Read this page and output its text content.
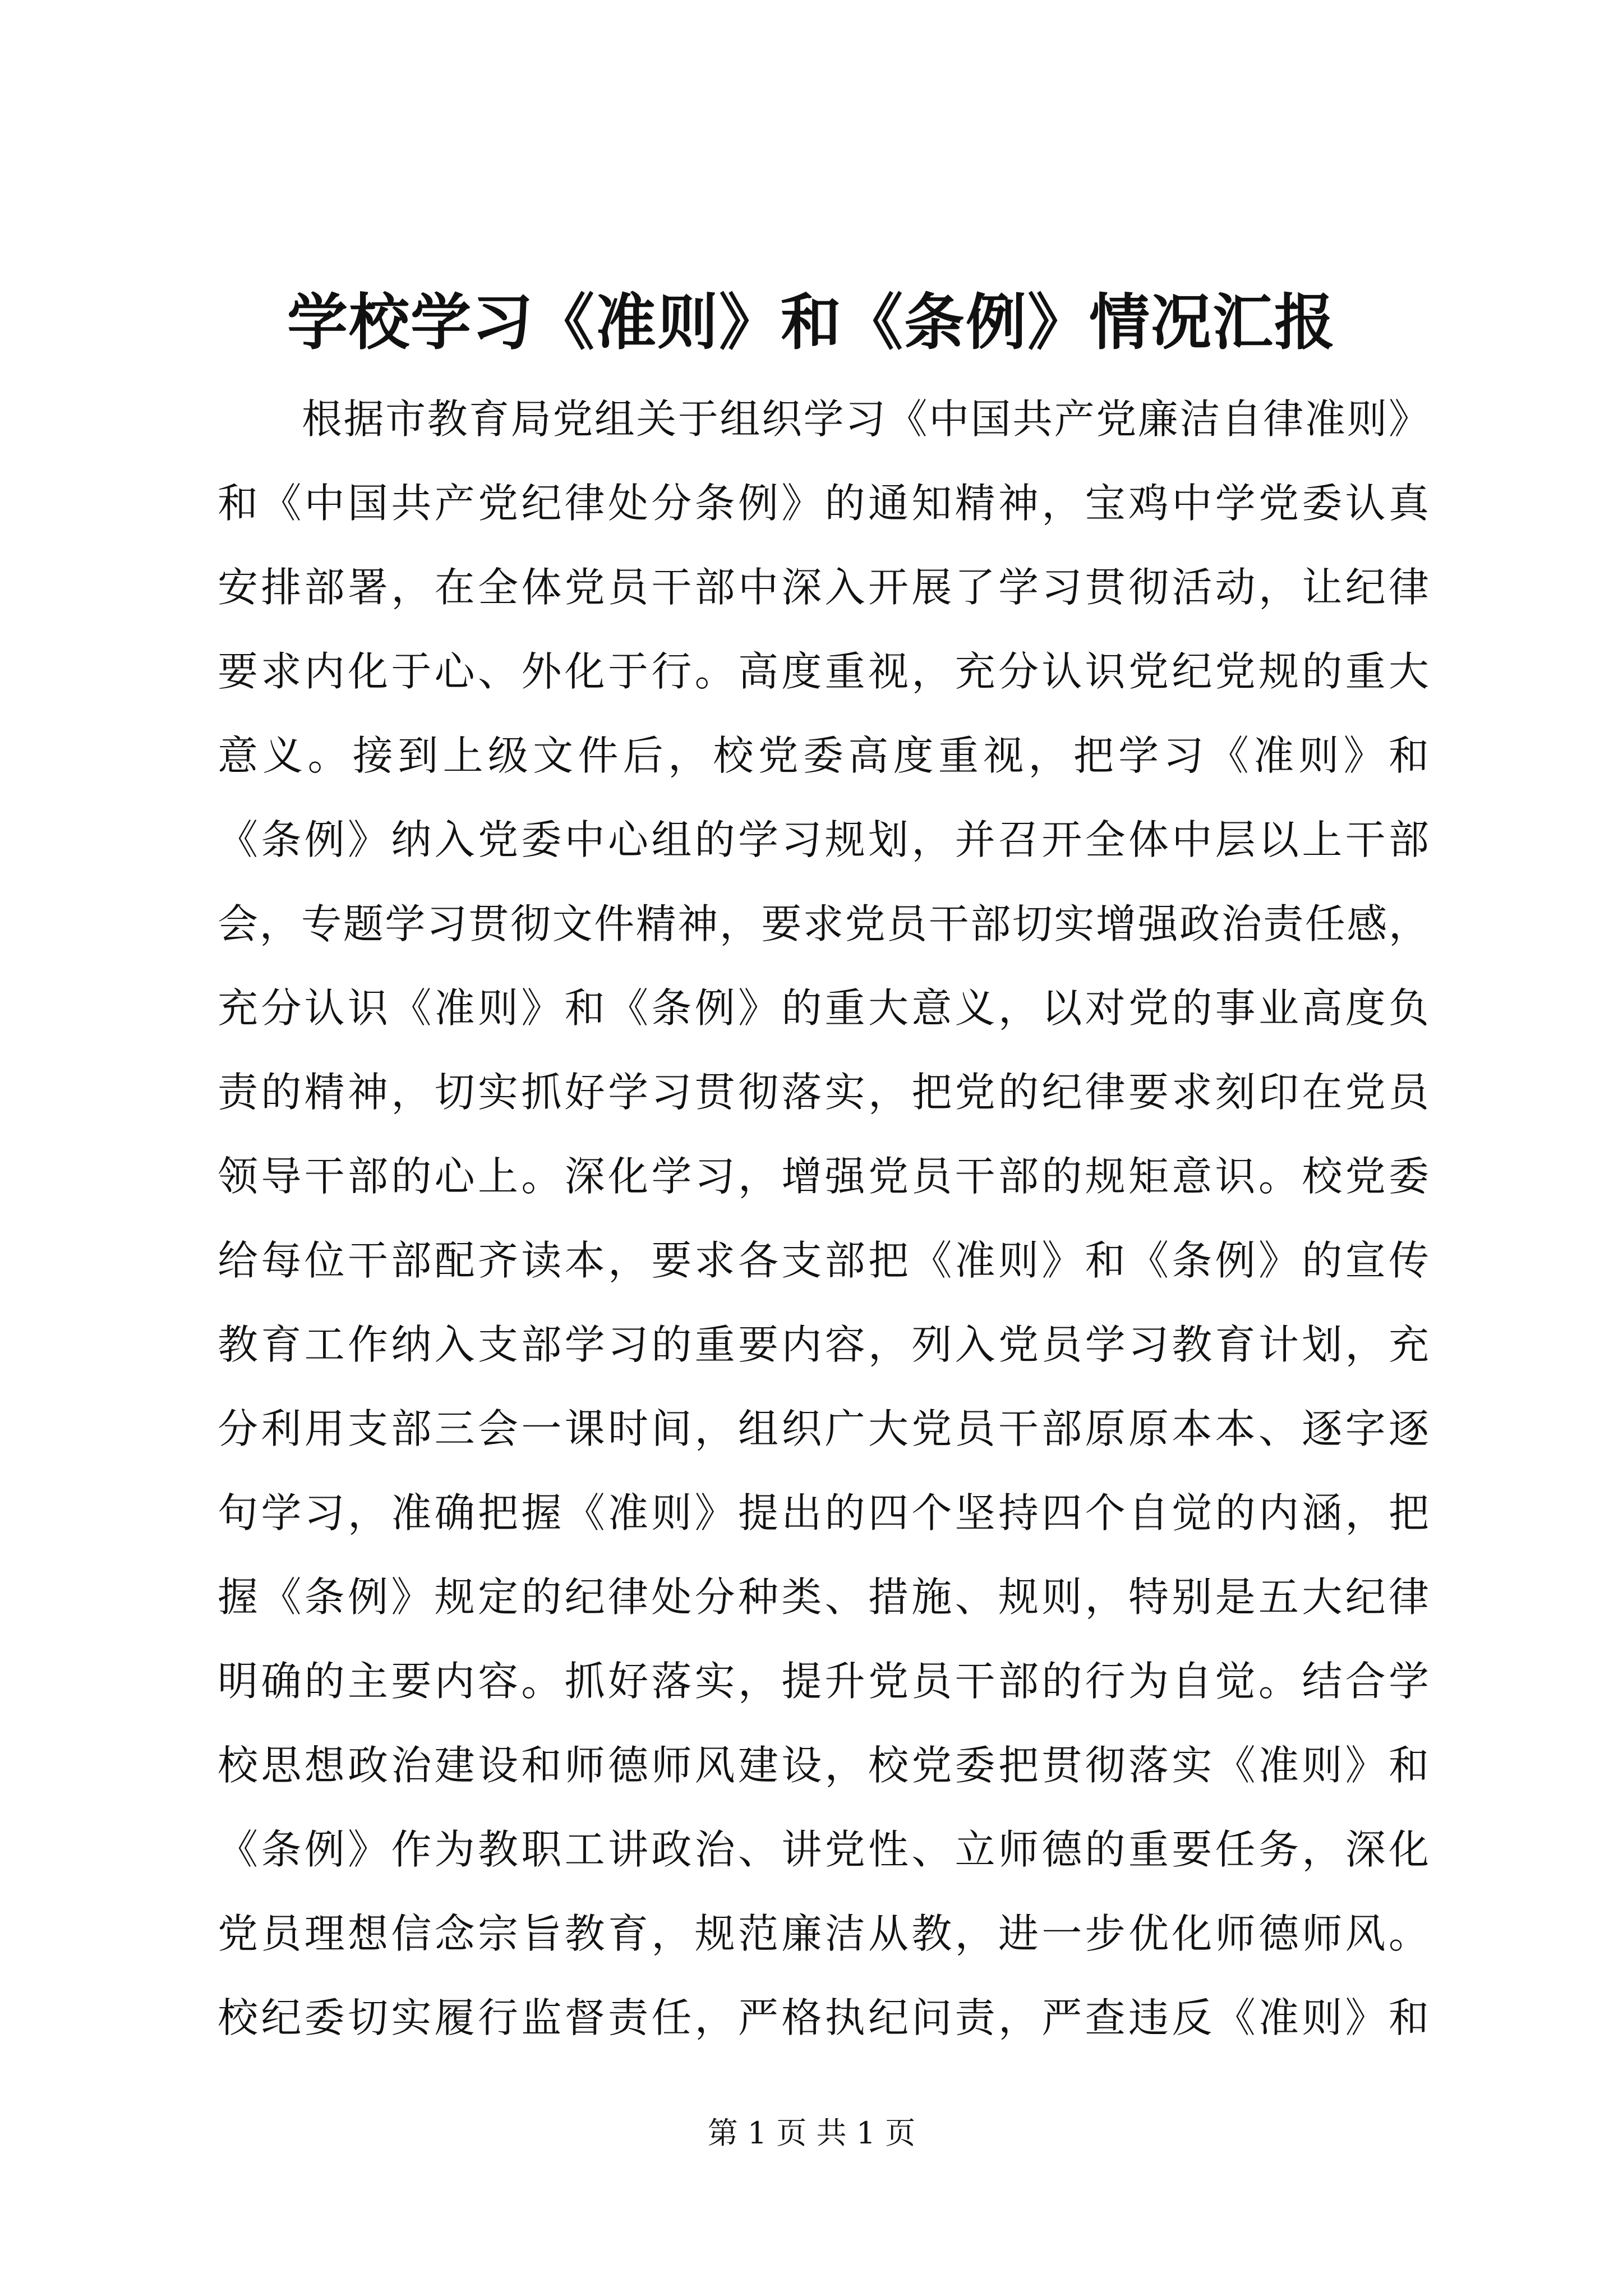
学校学习《准则》和《条例》情况汇报
根据市教育局党组关于组织学习《中国共产党廉洁自律准则》
和《中国共产党纪律处分条例》的通知精神，宝鸡中学党委认真
安排部署，在全体党员干部中深入开展了学习贯彻活动，让纪律
要求内化于心、外化于行。高度重视，充分认识党纪党规的重大
意义。接到上级文件后，校党委高度重视，把学习《准则》和
《条例》纳入党委中心组的学习规划，并召开全体中层以上干部
会，专题学习贯彻文件精神，要求党员干部切实增强政治责任感，
充分认识《准则》和《条例》的重大意义，以对党的事业高度负
责的精神，切实抓好学习贯彻落实，把党的纪律要求刻印在党员
领导干部的心上。深化学习，增强党员干部的规矩意识。校党委
给每位干部配齐读本，要求各支部把《准则》和《条例》的宣传
教育工作纳入支部学习的重要内容，列入党员学习教育计划，充
分利用支部三会一课时间，组织广大党员干部原原本本、逐字逐
句学习，准确把握《准则》提出的四个坚持四个自觉的内涵，把
握《条例》规定的纪律处分种类、措施、规则，特别是五大纪律
明确的主要内容。抓好落实，提升党员干部的行为自觉。结合学
校思想政治建设和师德师风建设，校党委把贯彻落实《准则》和
《条例》作为教职工讲政治、讲党性、立师德的重要任务，深化
党员理想信念宗旨教育，规范廉洁从教，进一步优化师德师风。
校纪委切实履行监督责任，严格执纪问责，严查违反《准则》和
第 1 页 共 1 页
